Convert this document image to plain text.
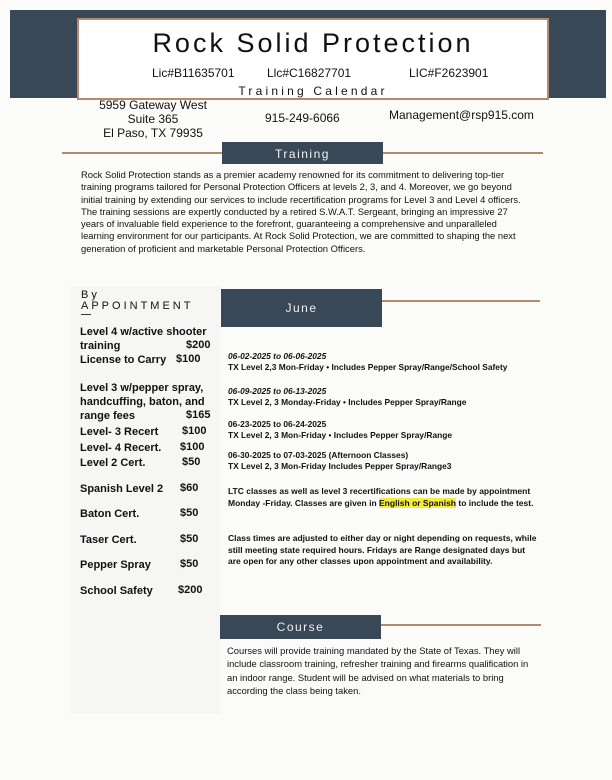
Rock Solid Protection
Lic#B11635701	Llc#C16827701	LIC#F2623901
Training Calendar
5959 Gateway West
Suite 365
El Paso, TX 79935
915-249-6066	Management@rsp915.com
Training
Rock Solid Protection stands as a premier academy renowned for its commitment to delivering top-tier training programs tailored for Personal Protection Officers at levels 2, 3, and 4. Moreover, we go beyond initial training by extending our services to include recertification programs for Level 3 and Level 4 officers. The training sessions are expertly conducted by a retired S.W.A.T. Sergeant, bringing an impressive 27 years of invaluable field experience to the forefront, guaranteeing a comprehensive and unparalleled learning environment for our participants. At Rock Solid Protection, we are committed to shaping the next generation of proficient and marketable Personal Protection Officers.
By
APPOINTMENT
Level 4 w/active shooter
training	$200
License to Carry $100
Level 3 w/pepper spray,
handcuffing, baton, and
range fees	$165
Level- 3 Recert $100
Level- 4 Recert. $100
Level 2 Cert.	$50
Spanish Level 2 $60
Baton Cert.	$50
Taser Cert.	$50
Pepper Spray	$50
School Safety $200
June
06-02-2025 to 06-06-2025
TX Level 2,3 Mon-Friday • Includes Pepper Spray/Range/School Safety
06-09-2025 to 06-13-2025
TX Level 2, 3 Monday-Friday • Includes Pepper Spray/Range
06-23-2025 to 06-24-2025
TX Level 2, 3 Mon-Friday • Includes Pepper Spray/Range
06-30-2025 to 07-03-2025 (Afternoon Classes)
TX Level 2, 3 Mon-Friday Includes Pepper Spray/Range3
LTC classes as well as level 3 recertifications can be made by appointment Monday -Friday. Classes are given in English or Spanish to include the test.
Class times are adjusted to either day or night depending on requests, while still meeting state required hours. Fridays are Range designated days but are open for any other classes upon appointment and availability.
Course
Courses will provide training mandated by the State of Texas. They will include classroom training, refresher training and firearms qualification in an indoor range. Student will be advised on what materials to bring according the class being taken.
